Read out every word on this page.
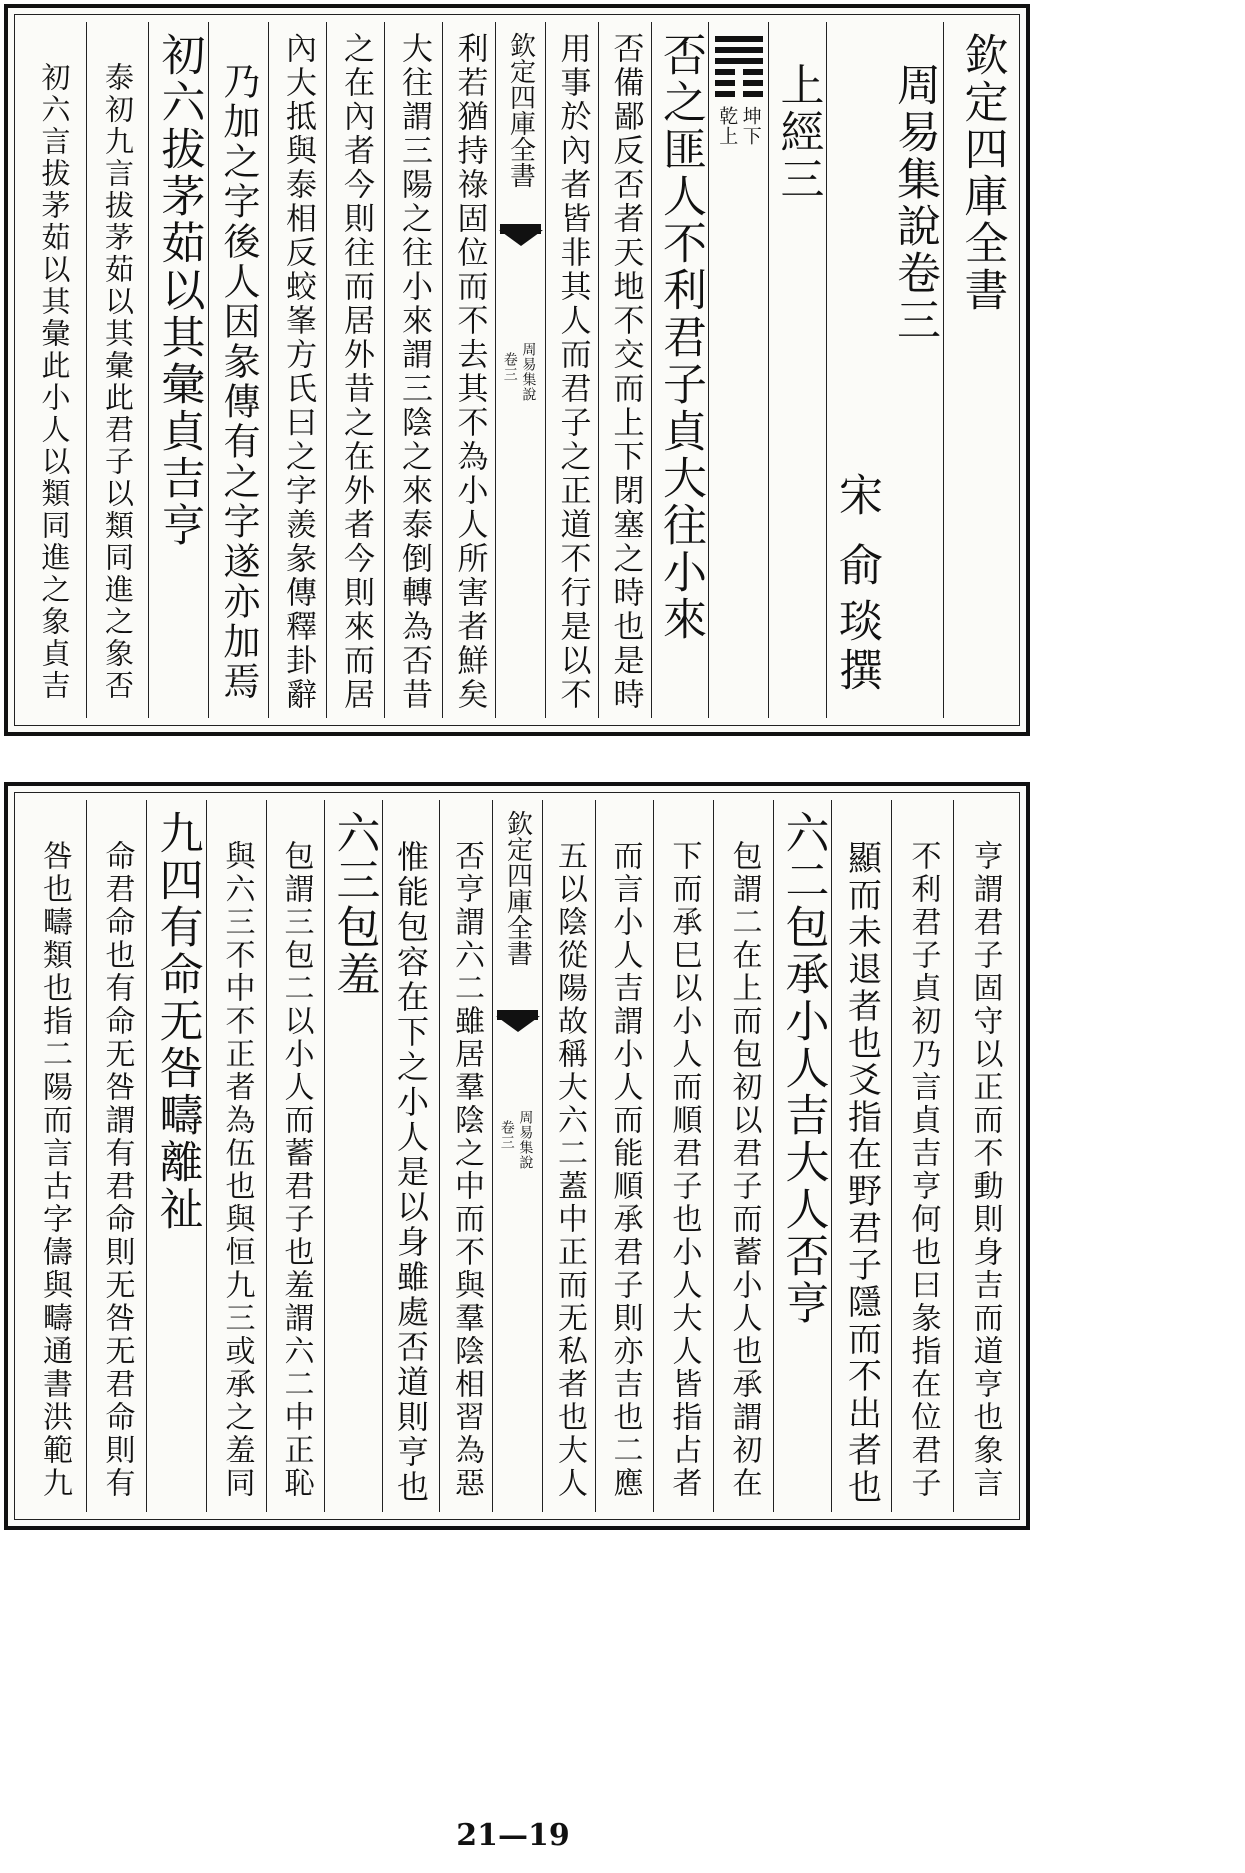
欽定四庫全書
周易集說卷三
宋
俞琰
撰
上經三
坤下
乾上
否之匪人不利君子貞大往小來
否備鄙反否者天地不交而上下閉塞之時也是時
用事於內者皆非其人而君子之正道不行是以不
欽定四庫全書
周易集說
卷三
利若猶持祿固位而不去其不為小人所害者鮮矣
大往謂三陽之往小來謂三陰之來泰倒轉為否昔
之在內者今則往而居外昔之在外者今則來而居
內大抵與泰相反蛟峯方氏曰之字羨彖傳釋卦辭
乃加之字後人因彖傳有之字遂亦加焉
初六拔茅茹以其彙貞吉亨
泰初九言拔茅茹以其彙此君子以類同進之象否
初六言拔茅茹以其彙此小人以類同進之象貞吉
亨謂君子固守以正而不動則身吉而道亨也象言
不利君子貞初乃言貞吉亨何也曰彖指在位君子
顯而未退者也爻指在野君子隱而不出者也
六二包承小人吉大人否亨
包謂二在上而包初以君子而蓄小人也承謂初在
下而承巳以小人而順君子也小人大人皆指占者
而言小人吉謂小人而能順承君子則亦吉也二應
五以陰從陽故稱大六二蓋中正而无私者也大人
欽定四庫全書
周易集說
卷三
否亨謂六二雖居羣陰之中而不與羣陰相習為惡
惟能包容在下之小人是以身雖處否道則亨也
六三包羞
包謂三包二以小人而蓄君子也羞謂六二中正恥
與六三不中不正者為伍也與恒九三或承之羞同
九四有命无咎疇離祉
命君命也有命无咎謂有君命則无咎无君命則有
咎也疇類也指二陽而言古字儔與疇通書洪範九
21—19
